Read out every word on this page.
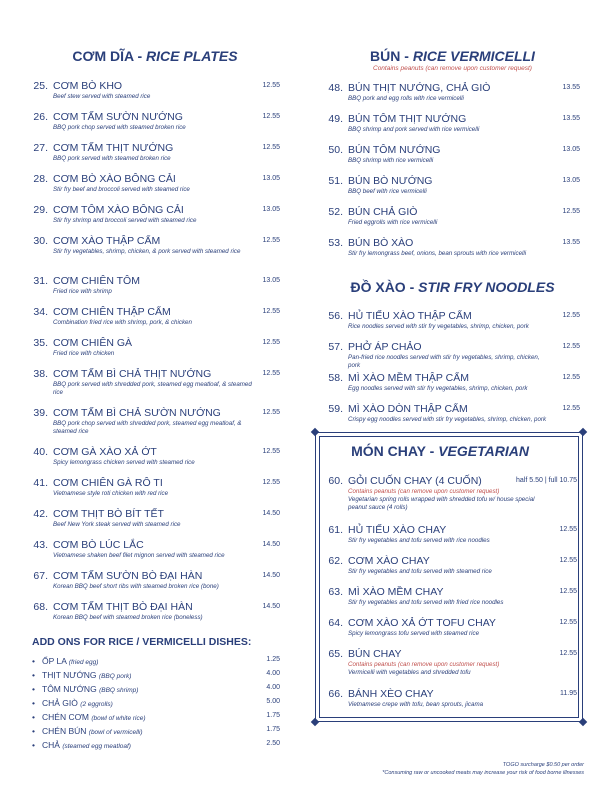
CƠM DĨA - RICE PLATES
25. CƠM BÒ KHO	12.55
Beef stew served with steamed rice
26. CƠM TẤM SƯỜN NƯỚNG	12.55
BBQ pork chop served with steamed broken rice
27. CƠM TẤM THỊT NƯỚNG	12.55
BBQ pork served with steamed broken rice
28. CƠM BÒ XÀO BÔNG CẢI	13.05
Stir fry beef and broccoli served with steamed rice
29. CƠM TÔM XÀO BÔNG CẢI	13.05
Stir fry shrimp and broccoli served with steamed rice
30. CƠM XÀO THẬP CẨM	12.55
Stir fry vegetables, shrimp, chicken, & pork served with steamed rice
31. CƠM CHIÊN TÔM	13.05
Fried rice with shrimp
34. CƠM CHIÊN THẬP CẨM	12.55
Combination fried rice with shrimp, pork, & chicken
35. CƠM CHIÊN GÀ	12.55
Fried rice with chicken
38. CƠM TẤM BÌ CHẢ THỊT NƯỚNG	12.55
BBQ pork served with shredded pork, steamed egg meatloaf, & steamed rice
39. CƠM TẤM BÌ CHẢ SƯỜN NƯỚNG	12.55
BBQ pork chop served with shredded pork, steamed egg meatloaf, & steamed rice
40. CƠM GÀ XÀO XẢ ỚT	12.55
Spicy lemongrass chicken served with steamed rice
41. CƠM CHIÊN GÀ RÔ TI	12.55
Vietnamese style roti chicken with red rice
42. CƠM THỊT BÒ BÍT TẾT	14.50
Beef New York steak served with steamed rice
43. CƠM BÒ LÚC LẮC	14.50
Vietnamese shaken beef filet mignon served with steamed rice
67. CƠM TẤM SƯỜN BÒ ĐẠI HÀN	14.50
Korean BBQ beef short ribs with steamed broken rice (bone)
68. CƠM TẤM THỊT BÒ ĐẠI HÀN	14.50
Korean BBQ beef with steamed broken rice (boneless)
ADD ONS FOR RICE / VERMICELLI DISHES:
• ỐP LA (fried egg)	1.25
• THỊT NƯỚNG (BBQ pork)	4.00
• TÔM NƯỚNG (BBQ shrimp)	4.00
• CHẢ GIÒ (2 eggrolls)	5.00
• CHÉN CƠM (bowl of white rice)	1.75
• CHÉN BÚN (bowl of vermicelli)	1.75
• CHẢ (steamed egg meatloaf)	2.50
BÚN - RICE VERMICELLI
Contains peanuts (can remove upon customer request)
48. BÚN THỊT NƯỚNG, CHẢ GIÒ	13.55
BBQ pork and egg rolls with rice vermicelli
49. BÚN TÔM THỊT NƯỚNG	13.55
BBQ shrimp and pork served with rice vermicelli
50. BÚN TÔM NƯỚNG	13.05
BBQ shrimp with rice vermicelli
51. BÚN BÒ NƯỚNG	13.05
BBQ beef with rice vermicelli
52. BÚN CHẢ GIÒ	12.55
Fried eggrolls with rice vermicelli
53. BÚN BÒ XÀO	13.55
Stir fry lemongrass beef, onions, bean sprouts with rice vermicelli
ĐỒ XÀO - STIR FRY NOODLES
56. HỦ TIẾU XÀO THẬP CẨM	12.55
Rice noodles served with stir fry vegetables, shrimp, chicken, pork
57. PHỞ ÁP CHẢO	12.55
Pan-fried rice noodles served with stir fry vegetables, shrimp, chicken, pork
58. MÌ XÀO MỀM THẬP CẨM	12.55
Egg noodles served with stir fry vegetables, shrimp, chicken, pork
59. MÌ XÀO DÒN THẬP CẨM	12.55
Crispy egg noodles served with stir fry vegetables, shrimp, chicken, pork
MÓN CHAY - VEGETARIAN
60. GỎI CUỐN CHAY (4 CUỐN)	half 5.50 | full 10.75
Contains peanuts (can remove upon customer request)
Vegetarian spring rolls wrapped with shredded tofu w/ house special peanut sauce (4 rolls)
61. HỦ TIẾU XÀO CHAY	12.55
Stir fry vegetables and tofu served with rice noodles
62. CƠM XÀO CHAY	12.55
Stir fry vegetables and tofu served with steamed rice
63. MÌ XÀO MỀM CHAY	12.55
Stir fry vegetables and tofu served with fried rice noodles
64. CƠM XÀO XẢ ỚT TOFU CHAY	12.55
Spicy lemongrass tofu served with steamed rice
65. BÚN CHAY	12.55
Contains peanuts (can remove upon customer request)
Vermicelli with vegetables and shredded tofu
66. BÁNH XÈO CHAY	11.95
Vietnamese crepe with tofu, bean sprouts, jicama
TOGO surcharge $0.50 per order
*Consuming raw or uncooked meats may increase your risk of food borne illnesses
